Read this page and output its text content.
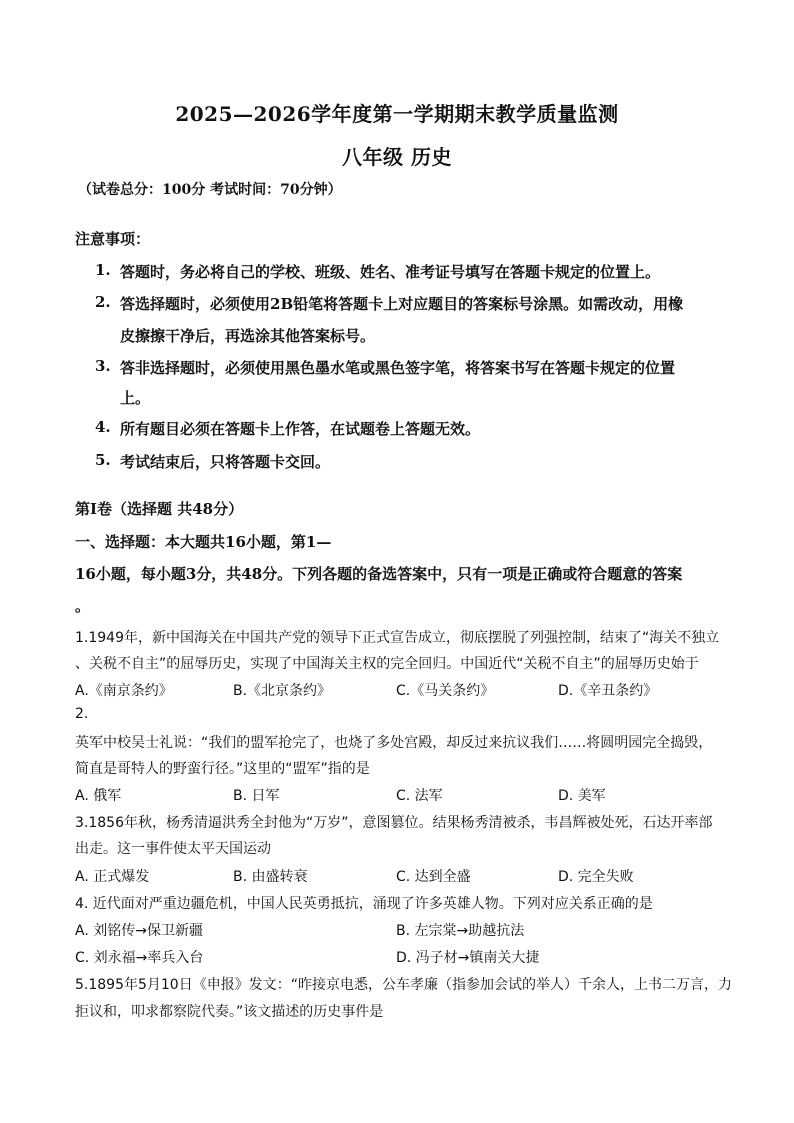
2025—2026学年度第一学期期末教学质量监测
八年级 历史
（试卷总分：100分 考试时间：70分钟）
注意事项：
1. 答题时，务必将自己的学校、班级、姓名、准考证号填写在答题卡规定的位置上。
2. 答选择题时，必须使用2B铅笔将答题卡上对应题目的答案标号涂黑。如需改动，用橡
皮擦擦干净后，再选涂其他答案标号。
3. 答非选择题时，必须使用黑色墨水笔或黑色签字笔，将答案书写在答题卡规定的位置
上。
4. 所有题目必须在答题卡上作答，在试题卷上答题无效。
5. 考试结束后，只将答题卡交回。
第Ⅰ卷（选择题 共48分）
一、选择题：本大题共16小题，第1—
16小题，每小题3分，共48分。下列各题的备选答案中，只有一项是正确或符合题意的答案
。
1.1949年，新中国海关在中国共产党的领导下正式宣告成立，彻底摆脱了列强控制，结束了“海关不独立
、关税不自主”的屈辱历史，实现了中国海关主权的完全回归。中国近代“关税不自主”的屈辱历史始于
A.《南京条约》	B.《北京条约》	C.《马关条约》	D.《辛丑条约》
2.
英军中校吴士礼说：“我们的盟军抢完了，也烧了多处宫殿，却反过来抗议我们……将圆明园完全捣毁，
简直是哥特人的野蛮行径。”这里的“盟军”指的是
A. 俄军	B. 日军	C. 法军	D. 美军
3.1856年秋，杨秀清逼洪秀全封他为“万岁”，意图篡位。结果杨秀清被杀，韦昌辉被处死，石达开率部
出走。这一事件使太平天国运动
A. 正式爆发	B. 由盛转衰	C. 达到全盛	D. 完全失败
4. 近代面对严重边疆危机，中国人民英勇抵抗，涌现了许多英雄人物。下列对应关系正确的是
A. 刘铭传→保卫新疆	B. 左宗棠→助越抗法
C. 刘永福→率兵入台	D. 冯子材→镇南关大捷
5.1895年5月10日《申报》发文：“昨接京电悉，公车孝廉（指参加会试的举人）千余人，上书二万言，力
拒议和，叩求都察院代奏。”该文描述的历史事件是
